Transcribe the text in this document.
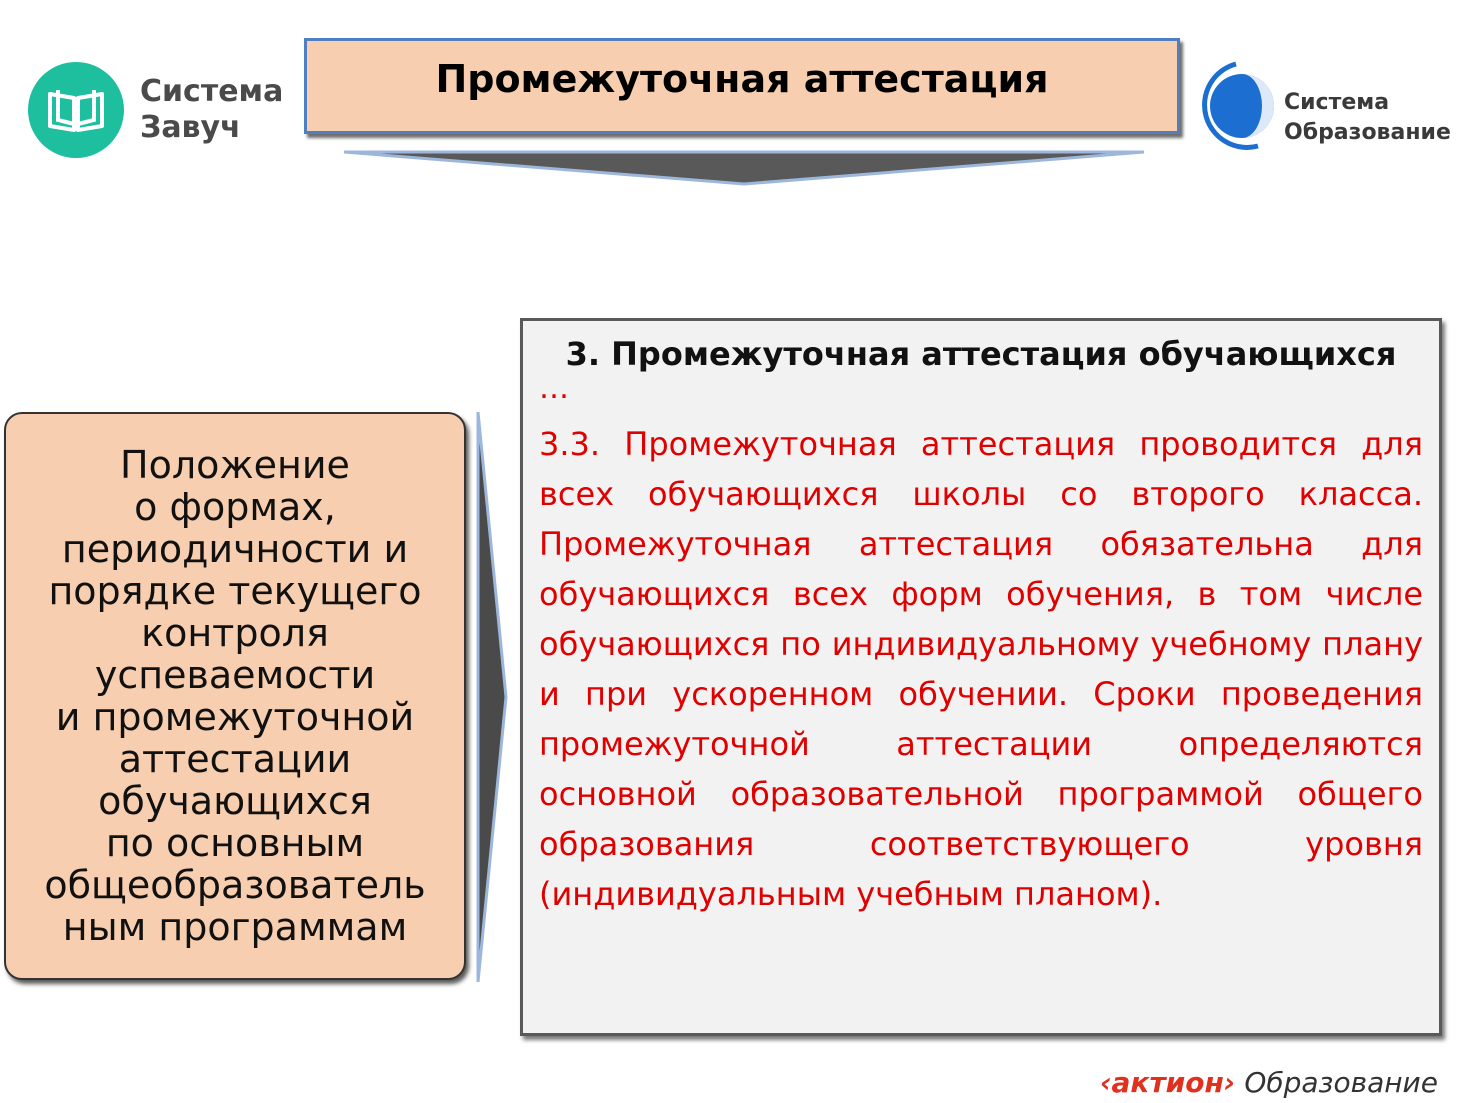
Система
Завуч
Промежуточная аттестация
Система
Образование
Положение
о формах,
периодичности и
порядке текущего
контроля
успеваемости
и промежуточной
аттестации
обучающихся
по основным
общеобразователь
ным программам
3. Промежуточная аттестация обучающихся
…
3.3. Промежуточная аттестация проводится для всех обучающихся школы со второго класса. Промежуточная аттестация обязательна для обучающихся всех форм обучения, в том числе обучающихся по индивидуальному учебному плану и при ускоренном обучении. Сроки проведения промежуточной аттестации определяются основной образовательной программой общего образования соответствующего уровня (индивидуальным учебным планом).
‹актион› Образование
